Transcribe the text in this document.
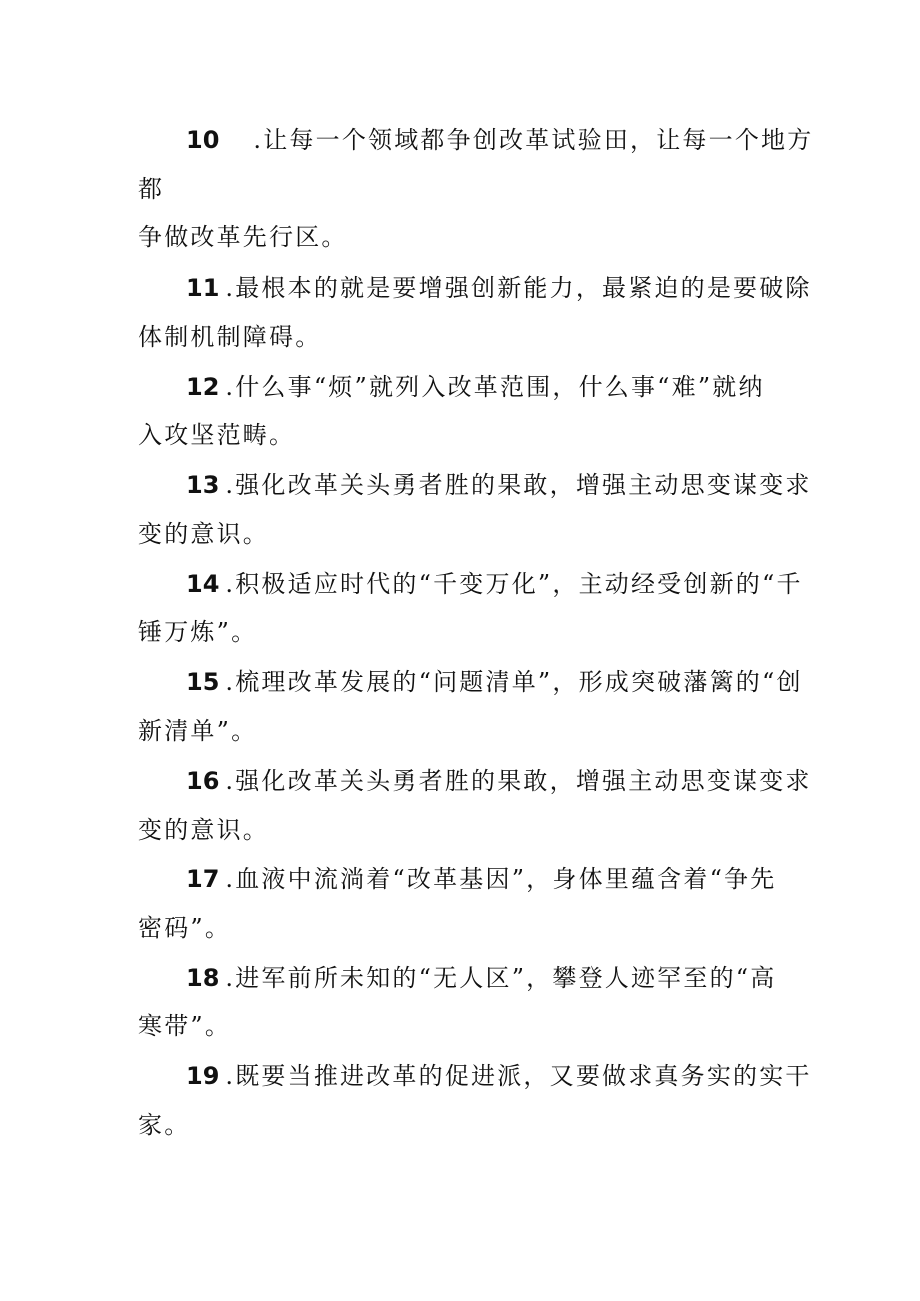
10 .让每一个领域都争创改革试验田，让每一个地方
都
争做改革先行区。
11 .最根本的就是要增强创新能力，最紧迫的是要破除
体制机制障碍。
12 .什么事“烦”就列入改革范围，什么事“难”就纳
入攻坚范畴。
13 .强化改革关头勇者胜的果敢，增强主动思变谋变求
变的意识。
14 .积极适应时代的“千变万化”，主动经受创新的“千
锤万炼”。
15 .梳理改革发展的“问题清单”，形成突破藩篱的“创
新清单”。
16 .强化改革关头勇者胜的果敢，增强主动思变谋变求
变的意识。
17 .血液中流淌着“改革基因”，身体里蕴含着“争先
密码”。
18 .进军前所未知的“无人区”，攀登人迹罕至的“高
寒带”。
19 .既要当推进改革的促进派，又要做求真务实的实干
家。
